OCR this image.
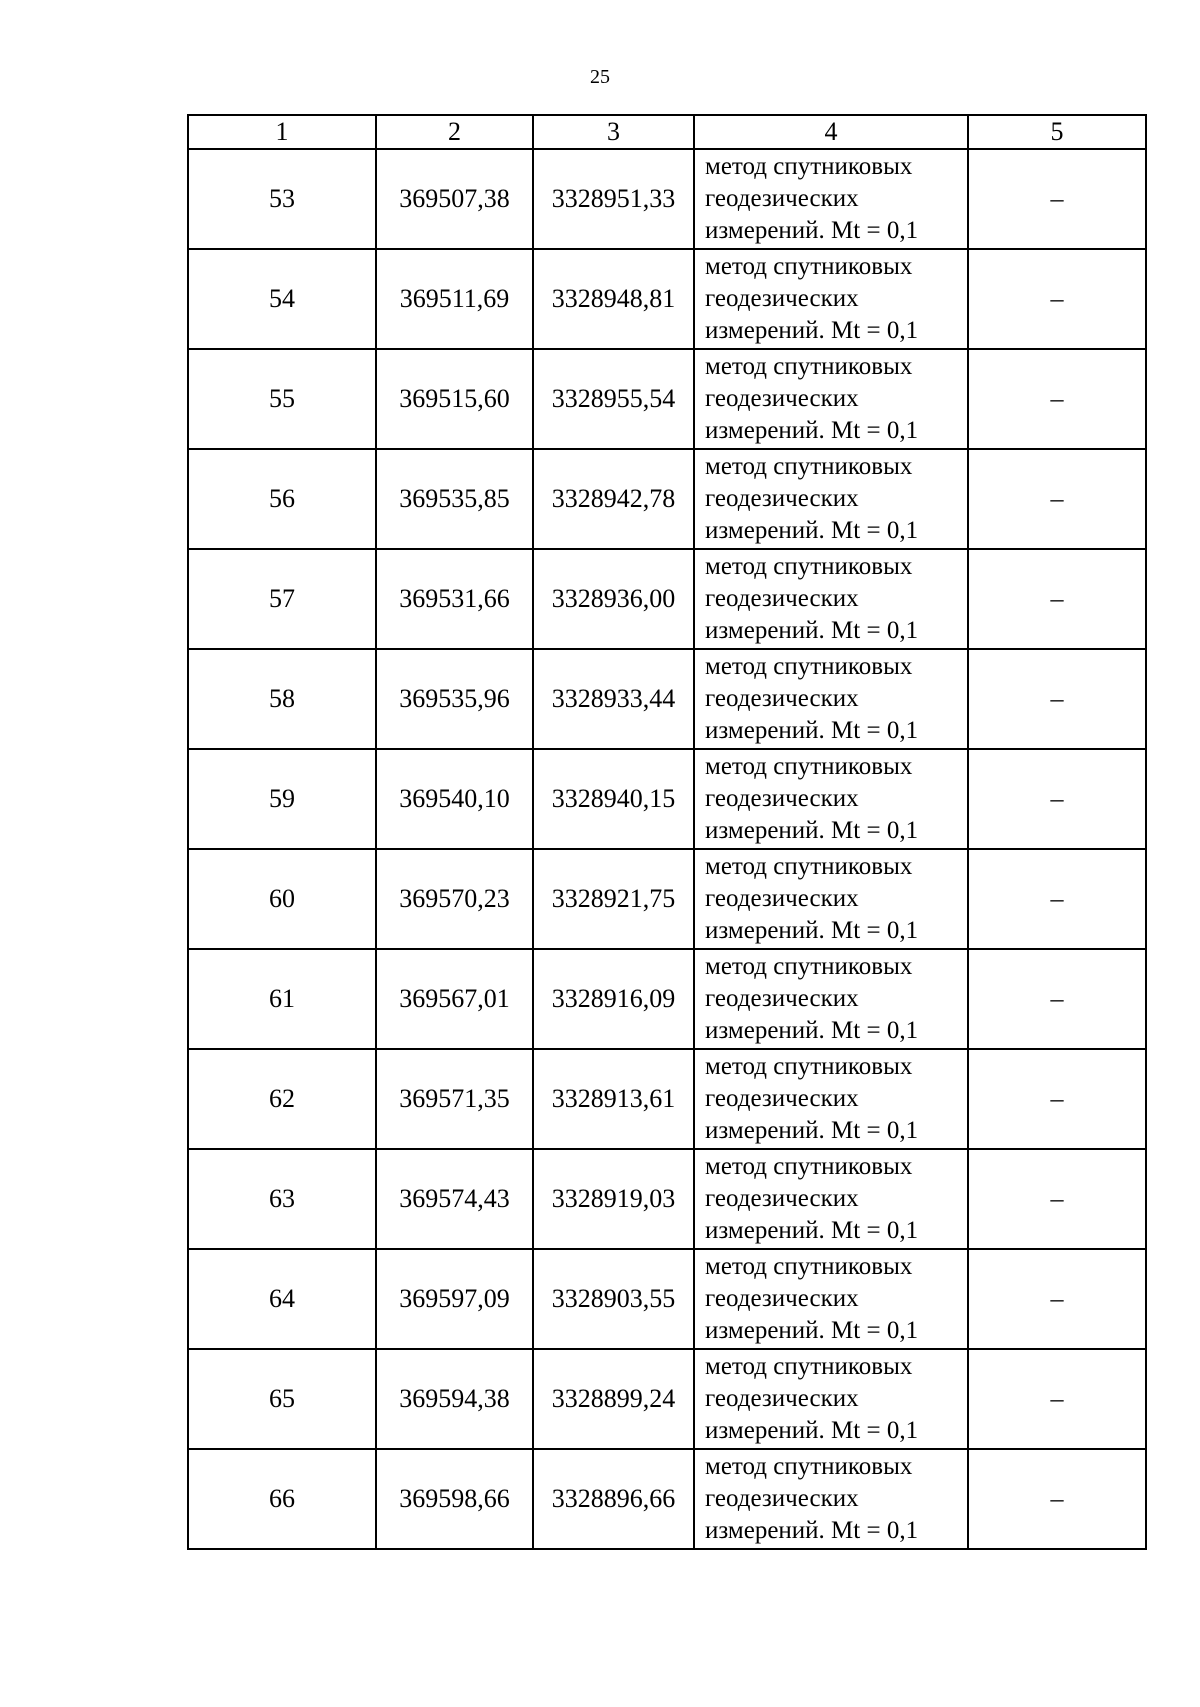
25
1	2	3	4	5
53	369507,38	3328951,33	метод спутниковых
геодезических
измерений. Mt = 0,1	–
54	369511,69	3328948,81	метод спутниковых
геодезических
измерений. Mt = 0,1	–
55	369515,60	3328955,54	метод спутниковых
геодезических
измерений. Mt = 0,1	–
56	369535,85	3328942,78	метод спутниковых
геодезических
измерений. Mt = 0,1	–
57	369531,66	3328936,00	метод спутниковых
геодезических
измерений. Mt = 0,1	–
58	369535,96	3328933,44	метод спутниковых
геодезических
измерений. Mt = 0,1	–
59	369540,10	3328940,15	метод спутниковых
геодезических
измерений. Mt = 0,1	–
60	369570,23	3328921,75	метод спутниковых
геодезических
измерений. Mt = 0,1	–
61	369567,01	3328916,09	метод спутниковых
геодезических
измерений. Mt = 0,1	–
62	369571,35	3328913,61	метод спутниковых
геодезических
измерений. Mt = 0,1	–
63	369574,43	3328919,03	метод спутниковых
геодезических
измерений. Mt = 0,1	–
64	369597,09	3328903,55	метод спутниковых
геодезических
измерений. Mt = 0,1	–
65	369594,38	3328899,24	метод спутниковых
геодезических
измерений. Mt = 0,1	–
66	369598,66	3328896,66	метод спутниковых
геодезических
измерений. Mt = 0,1	–
